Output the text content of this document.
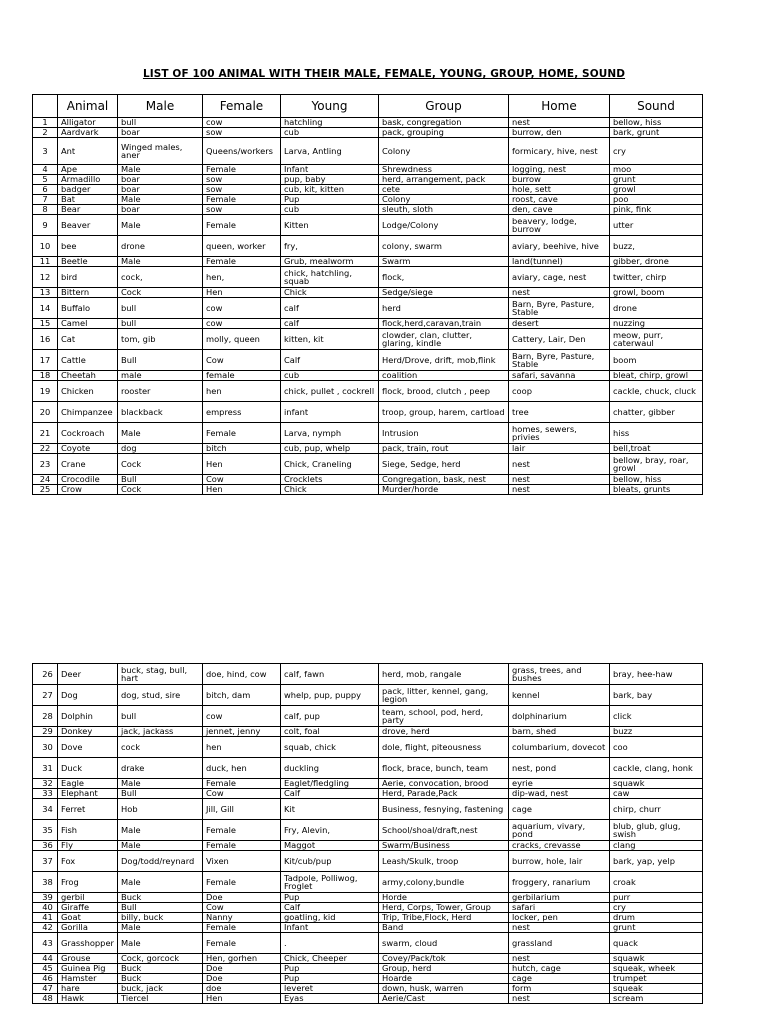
LIST OF 100 ANIMAL WITH THEIR MALE, FEMALE, YOUNG, GROUP, HOME, SOUND
	Animal	Male	Female	Young	Group	Home	Sound
1	Alligator	bull	cow	hatchling	bask, congregation	nest	bellow, hiss
2	Aardvark	boar	sow	cub	pack, grouping	burrow, den	bark, grunt
3	Ant	Winged males, aner	Queens/workers	Larva, Antling	Colony	formicary, hive, nest	cry
4	Ape	Male	Female	Infant	Shrewdness	logging, nest	moo
5	Armadillo	boar	sow	pup, baby	herd, arrangement, pack	burrow	grunt
6	badger	boar	sow	cub, kit, kitten	cete	hole, sett	growl
7	Bat	Male	Female	Pup	Colony	roost, cave	poo
8	Bear	boar	sow	cub	sleuth, sloth	den, cave	pink, fink
9	Beaver	Male	Female	Kitten	Lodge/Colony	beavery, lodge, burrow	utter
10	bee	drone	queen, worker	fry,	colony, swarm	aviary, beehive, hive	buzz,
11	Beetle	Male	Female	Grub, mealworm	Swarm	land(tunnel)	gibber, drone
12	bird	cock,	hen,	chick, hatchling, squab	flock,	aviary, cage, nest	twitter, chirp
13	Bittern	Cock	Hen	Chick	Sedge/siege	nest	growl, boom
14	Buffalo	bull	cow	calf	herd	Barn, Byre, Pasture, Stable	drone
15	Camel	bull	cow	calf	flock,herd,caravan,train	desert	nuzzing
16	Cat	tom, gib	molly, queen	kitten, kit	clowder, clan, clutter, glaring, kindle	Cattery, Lair, Den	meow, purr, caterwaul
17	Cattle	Bull	Cow	Calf	Herd/Drove, drift, mob,flink	Barn, Byre, Pasture, Stable	boom
18	Cheetah	male	female	cub	coalition	safari, savanna	bleat, chirp, growl
19	Chicken	rooster	hen	chick, pullet , cockrell	flock, brood, clutch , peep	coop	cackle, chuck, cluck
20	Chimpanzee	blackback	empress	infant	troop, group, harem, cartload	tree	chatter, gibber
21	Cockroach	Male	Female	Larva, nymph	Intrusion	homes, sewers, privies	hiss
22	Coyote	dog	bitch	cub, pup, whelp	pack, train, rout	lair	bell,troat
23	Crane	Cock	Hen	Chick, Craneling	Siege, Sedge, herd	nest	bellow, bray, roar, growl
24	Crocodile	Bull	Cow	Crocklets	Congregation, bask, nest	nest	bellow, hiss
25	Crow	Cock	Hen	Chick	Murder/horde	nest	bleats, grunts
26	Deer	buck, stag, bull, hart	doe, hind, cow	calf, fawn	herd, mob, rangale	grass, trees, and bushes	bray, hee-haw
27	Dog	dog, stud, sire	bitch, dam	whelp, pup, puppy	pack, litter, kennel, gang, legion	kennel	bark, bay
28	Dolphin	bull	cow	calf, pup	team, school, pod, herd, party	dolphinarium	click
29	Donkey	jack, jackass	jennet, jenny	colt, foal	drove, herd	barn, shed	buzz
30	Dove	cock	hen	squab, chick	dole, flight, piteousness	columbarium, dovecot	coo
31	Duck	drake	duck, hen	duckling	flock, brace, bunch, team	nest, pond	cackle, clang, honk
32	Eagle	Male	Female	Eaglet/fledgling	Aerie, convocation, brood	eyrie	squawk
33	Elephant	Bull	Cow	Calf	Herd, Parade,Pack	dip-wad, nest	caw
34	Ferret	Hob	Jill, Gill	Kit	Business, fesnying, fastening	cage	chirp, churr
35	Fish	Male	Female	Fry, Alevin,	School/shoal/draft,nest	aquarium, vivary, pond	blub, glub, glug, swish
36	Fly	Male	Female	Maggot	Swarm/Business	cracks, crevasse	clang
37	Fox	Dog/todd/reynard	Vixen	Kit/cub/pup	Leash/Skulk, troop	burrow, hole, lair	bark, yap, yelp
38	Frog	Male	Female	Tadpole, Polliwog, Froglet	army,colony,bundle	froggery, ranarium	croak
39	gerbil	Buck	Doe	Pup	Horde	gerbilarium	purr
40	Giraffe	Bull	Cow	Calf	Herd, Corps, Tower, Group	safari	cry
41	Goat	billy, buck	Nanny	goatling, kid	Trip, Tribe,Flock, Herd	locker, pen	drum
42	Gorilla	Male	Female	Infant	Band	nest	grunt
43	Grasshopper	Male	Female	.	swarm, cloud	grassland	quack
44	Grouse	Cock, gorcock	Hen, gorhen	Chick, Cheeper	Covey/Pack/tok	nest	squawk
45	Guinea Pig	Buck	Doe	Pup	Group, herd	hutch, cage	squeak, wheek
46	Hamster	Buck	Doe	Pup	Hoarde	cage	trumpet
47	hare	buck, jack	doe	leveret	down, husk, warren	form	squeak
48	Hawk	Tiercel	Hen	Eyas	Aerie/Cast	nest	scream
